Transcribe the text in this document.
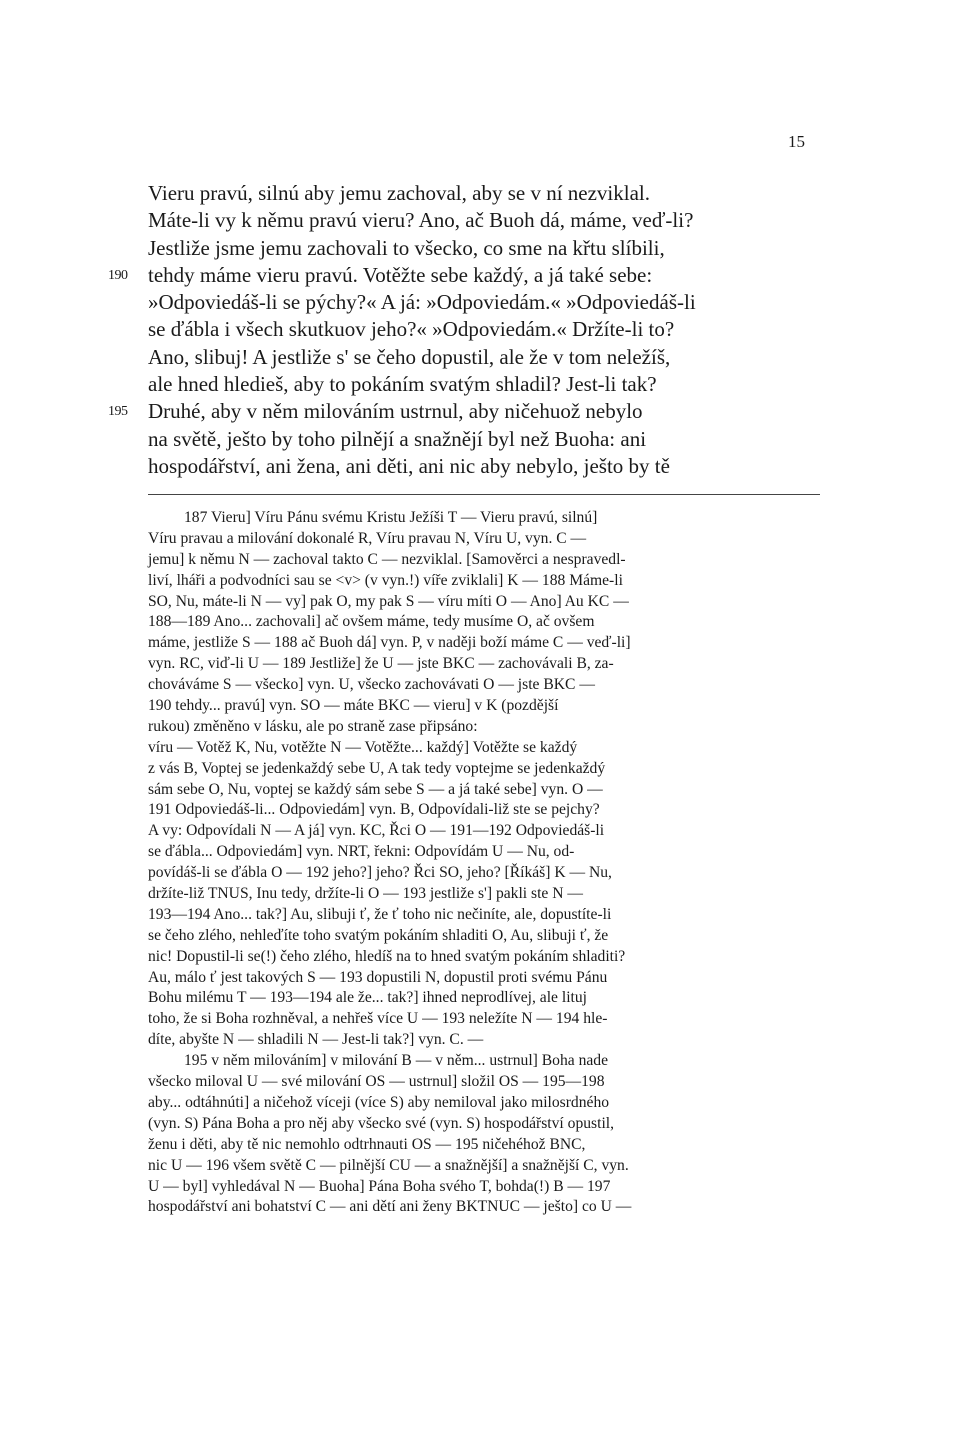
15
Vieru pravú, silnú aby jemu zachoval, aby se v ní nezviklal.
Máte-li vy k němu pravú vieru? Ano, ač Buoh dá, máme, veď-li?
Jestliže jsme jemu zachovali to všecko, co sme na křtu slíbili,
190 tehdy máme vieru pravú. Votěžte sebe každý, a já také sebe:
»Odpoviedáš-li se pýchy?« A já: »Odpoviedám.« »Odpoviedáš-li
se ďábla i všech skutkuov jeho?« »Odpoviedám.« Držíte-li to?
Ano, slibuj! A jestliže s' se čeho dopustil, ale že v tom neležíš,
ale hned hledieš, aby to pokáním svatým shladil? Jest-li tak?
195 Druhé, aby v něm milováním ustrnul, aby ničehuož nebylo
na světě, ješto by toho pilnějí a snažnějí byl než Buoha: ani
hospodářství, ani žena, ani děti, ani nic aby nebylo, ješto by tě
187 Vieru] Víru Pánu svému Kristu Ježíši T — Vieru pravú, silnú]
Víru pravau a milování dokonalé R, Víru pravau N, Víru U, vyn. C —
jemu] k němu N — zachoval takto C — nezviklal. [Samověrci a nespravedl-
liví, lháři a podvodníci sau se <v> (v vyn.!) víře zviklali] K — 188 Máme-li
SO, Nu, máte-li N — vy] pak O, my pak S — víru míti O — Ano] Au KC —
188—189 Ano... zachovali] ač ovšem máme, tedy musíme O, ač ovšem
máme, jestliže S — 188 ač Buoh dá] vyn. P, v naději boží máme C — veď-li]
vyn. RC, viď-li U — 189 Jestliže] že U — jste BKC — zachovávali B, za-
chováváme S — všecko] vyn. U, všecko zachovávati O — jste BKC —
190 tehdy... pravú] vyn. SO — máte BKC — vieru] v K (pozdější
rukou) změněno v lásku, ale po straně zase připsáno:
víru — Votěž K, Nu, votěžte N — Votěžte... každý] Votěžte se každý
z vás B, Voptej se jedenkaždý sebe U, A tak tedy voptejme se jedenkaždý
sám sebe O, Nu, voptej se každý sám sebe S — a já také sebe] vyn. O —
191 Odpoviedáš-li... Odpoviedám] vyn. B, Odpovídali-liž ste se pejchy?
A vy: Odpovídali N — A já] vyn. KC, Řci O — 191—192 Odpoviedáš-li
se ďábla... Odpoviedám] vyn. NRT, řekni: Odpovídám U — Nu, od-
povídáš-li se ďábla O — 192 jeho?] jeho? Řci SO, jeho? [Říkáš] K — Nu,
držíte-liž TNUS, Inu tedy, držíte-li O — 193 jestliže s'] pakli ste N —
193—194 Ano... tak?] Au, slibuji ť, že ť toho nic nečiníte, ale, dopustíte-li
se čeho zlého, nehleďíte toho svatým pokáním shladiti O, Au, slibuji ť, že
nic! Dopustil-li se(!) čeho zlého, hledíš na to hned svatým pokáním shladiti?
Au, málo ť jest takových S — 193 dopustili N, dopustil proti svému Pánu
Bohu milému T — 193—194 ale že... tak?] ihned neprodlívej, ale lituj
toho, že si Boha rozhněval, a nehřeš více U — 193 neležíte N — 194 hle-
díte, abyšte N — shladili N — Jest-li tak?] vyn. C. —
195 v něm milováním] v milování B — v něm... ustrnul] Boha nade
všecko miloval U — své milování OS — ustrnul] složil OS — 195—198
aby... odtáhnúti] a ničehož víceji (více S) aby nemiloval jako milosrdného
(vyn. S) Pána Boha a pro něj aby všecko své (vyn. S) hospodářství opustil,
ženu i děti, aby tě nic nemohlo odtrhnauti OS — 195 ničehéhož BNC,
nic U — 196 všem světě C — pilnější CU — a snažnější] a snažnější C, vyn.
U — byl] vyhledával N — Buoha] Pána Boha svého T, bohda(!) B — 197
hospodářství ani bohatství C — ani dětí ani ženy BKTNUC — ješto] co U —
